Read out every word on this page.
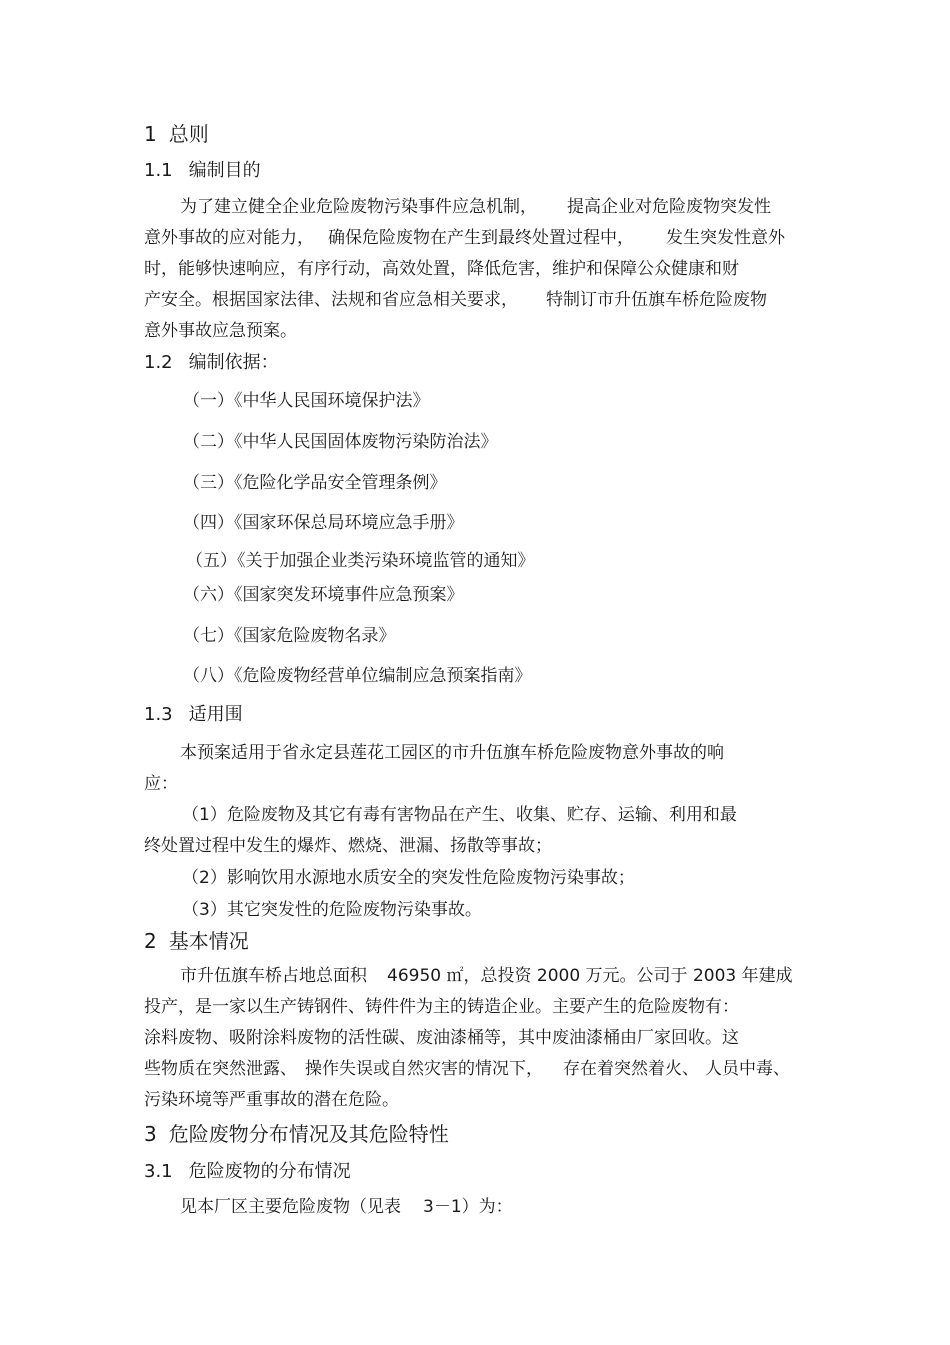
1 总则
1.1 编制目的
为了建立健全企业危险废物污染事件应急机制， 提高企业对危险废物突发性
意外事故的应对能力， 确保危险废物在产生到最终处置过程中， 发生突发性意外
时，能够快速响应，有序行动，高效处置，降低危害，维护和保障公众健康和财
产安全。根据国家法律、法规和省应急相关要求， 特制订市升伍旗车桥危险废物
意外事故应急预案。
1.2 编制依据：
（一）《中华人民国环境保护法》
（二）《中华人民国固体废物污染防治法》
（三）《危险化学品安全管理条例》
（四）《国家环保总局环境应急手册》
（五）《关于加强企业类污染环境监管的通知》
（六）《国家突发环境事件应急预案》
（七）《国家危险废物名录》
（八）《危险废物经营单位编制应急预案指南》
1.3 适用围
本预案适用于省永定县莲花工园区的市升伍旗车桥危险废物意外事故的响
应：
（1）危险废物及其它有毒有害物品在产生、收集、贮存、运输、利用和最
终处置过程中发生的爆炸、燃烧、泄漏、扬散等事故；
（2）影响饮用水源地水质安全的突发性危险废物污染事故；
（3）其它突发性的危险废物污染事故。
2 基本情况
市升伍旗车桥占地总面积 46950 ㎡，总投资 2000 万元。公司于 2003 年建成
投产，是一家以生产铸钢件、铸件件为主的铸造企业。主要产生的危险废物有：
涂料废物、吸附涂料废物的活性碳、废油漆桶等，其中废油漆桶由厂家回收。这
些物质在突然泄露、 操作失误或自然灾害的情况下， 存在着突然着火、 人员中毒、
污染环境等严重事故的潜在危险。
3 危险废物分布情况及其危险特性
3.1 危险废物的分布情况
见本厂区主要危险废物（见表 3－1）为：
